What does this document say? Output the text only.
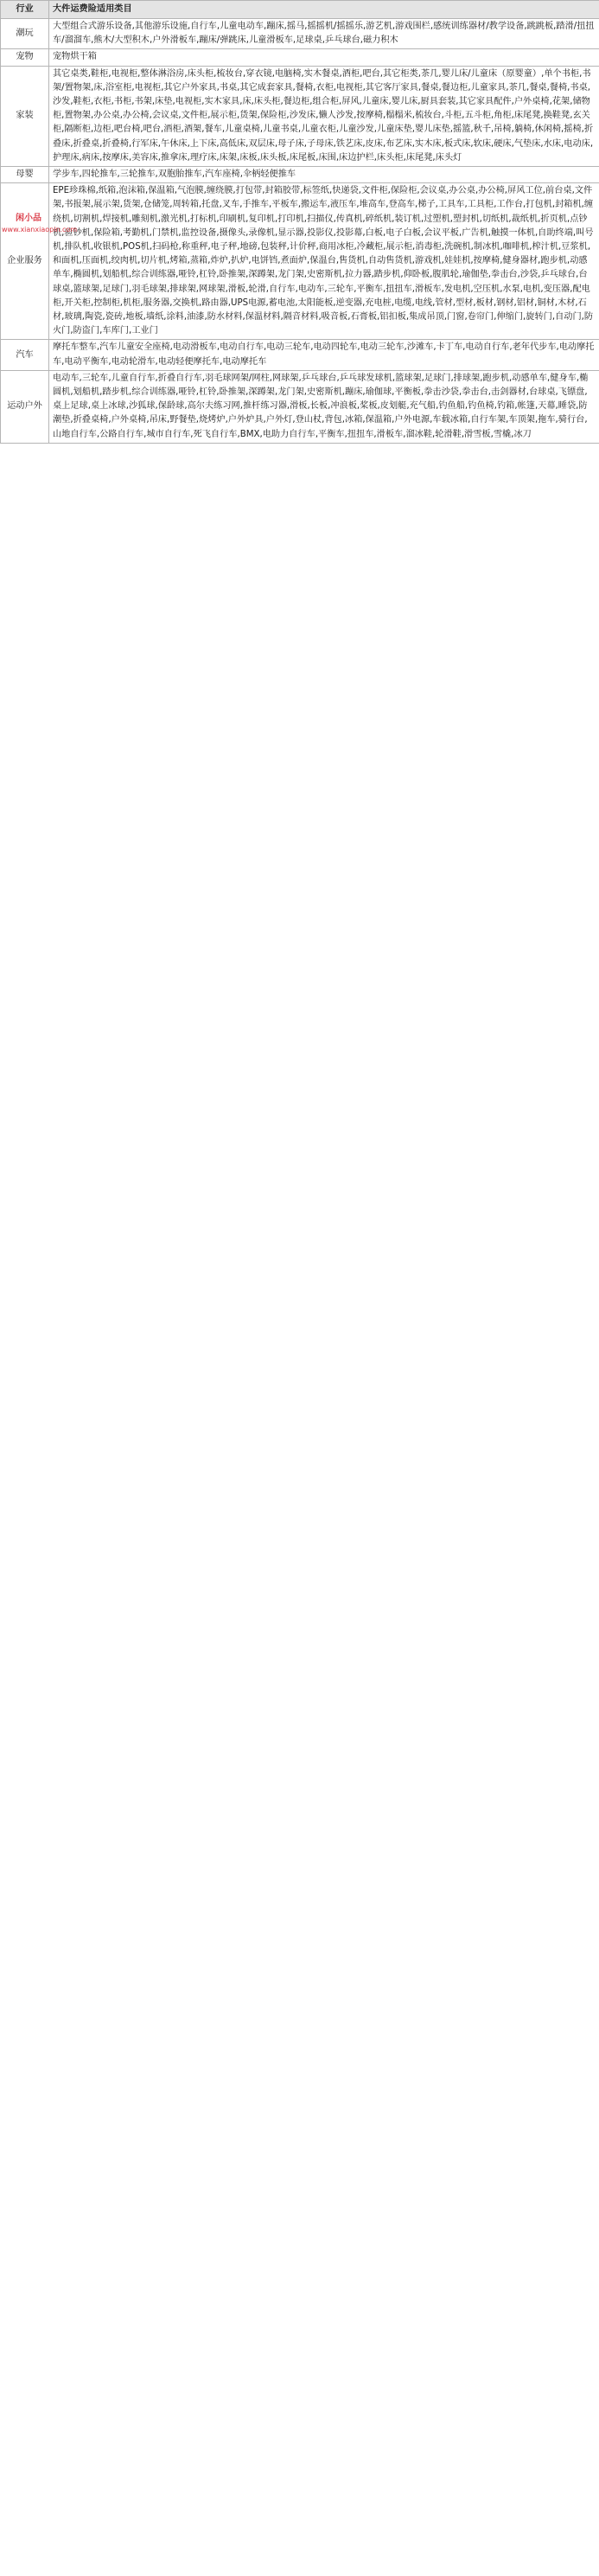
行业	大件运费险适用类目
潮玩	大型组合式游乐设备,其他游乐设施,自行车,儿童电动车,蹦床,摇马,摇摇机/摇摇乐,游艺机,游戏围栏,感统训练器材/教学设备,跳跳板,踏滑/扭扭车/溜溜车,熊木/大型积木,户外滑板车,蹦床/弹跳床,儿童滑板车,足球桌,乒乓球台,磁力积木
宠物	宠物烘干箱
家装	其它桌类,鞋柜,电视柜,整体淋浴房,床头柜,梳妆台,穿衣镜,电脑椅,实木餐桌,酒柜,吧台,其它柜类,茶几,婴儿床/儿童床（原婴童）,单个书柜,书架/置物架,床,浴室柜,电视柜,其它户外家具,书桌,其它成套家具,餐椅,衣柜,电视柜,其它客厅家具,餐桌,餐边柜,儿童家具,茶几,餐桌,餐椅,书桌,沙发,鞋柜,衣柜,书柜,书架,床垫,电视柜,实木家具,床,床头柜,餐边柜,组合柜,屏风,儿童床,婴儿床,厨具套装,其它家具配件,户外桌椅,花架,储物柜,置物架,办公桌,办公椅,会议桌,文件柜,展示柜,货架,保险柜,沙发床,懒人沙发,按摩椅,榻榻米,梳妆台,斗柜,五斗柜,角柜,床尾凳,换鞋凳,玄关柜,隔断柜,边柜,吧台椅,吧台,酒柜,酒架,餐车,儿童桌椅,儿童书桌,儿童衣柜,儿童沙发,儿童床垫,婴儿床垫,摇篮,秋千,吊椅,躺椅,休闲椅,摇椅,折叠床,折叠桌,折叠椅,行军床,午休床,上下床,高低床,双层床,母子床,子母床,铁艺床,皮床,布艺床,实木床,板式床,软床,硬床,气垫床,水床,电动床,护理床,病床,按摩床,美容床,推拿床,理疗床,床架,床板,床头板,床尾板,床围,床边护栏,床头柜,床尾凳,床头灯
母婴	学步车,四轮推车,三轮推车,双胞胎推车,汽车座椅,伞柄轻便推车
企业服务	EPE珍珠棉,纸箱,泡沫箱,保温箱,气泡膜,缠绕膜,打包带,封箱胶带,标签纸,快递袋,文件柜,保险柜,会议桌,办公桌,办公椅,屏风工位,前台桌,文件架,书报架,展示架,货架,仓储笼,周转箱,托盘,叉车,手推车,平板车,搬运车,液压车,堆高车,登高车,梯子,工具车,工具柜,工作台,打包机,封箱机,缠绕机,切割机,焊接机,雕刻机,激光机,打标机,印刷机,复印机,打印机,扫描仪,传真机,碎纸机,装订机,过塑机,塑封机,切纸机,裁纸机,折页机,点钞机,验钞机,保险箱,考勤机,门禁机,监控设备,摄像头,录像机,显示器,投影仪,投影幕,白板,电子白板,会议平板,广告机,触摸一体机,自助终端,叫号机,排队机,收银机,POS机,扫码枪,称重秤,电子秤,地磅,包装秤,计价秤,商用冰柜,冷藏柜,展示柜,消毒柜,洗碗机,制冰机,咖啡机,榨汁机,豆浆机,和面机,压面机,绞肉机,切片机,烤箱,蒸箱,炸炉,扒炉,电饼铛,煮面炉,保温台,售货机,自动售货机,游戏机,娃娃机,按摩椅,健身器材,跑步机,动感单车,椭圆机,划船机,综合训练器,哑铃,杠铃,卧推架,深蹲架,龙门架,史密斯机,拉力器,踏步机,仰卧板,腹肌轮,瑜伽垫,拳击台,沙袋,乒乓球台,台球桌,篮球架,足球门,羽毛球架,排球架,网球架,滑板,轮滑,自行车,电动车,三轮车,平衡车,扭扭车,滑板车,发电机,空压机,水泵,电机,变压器,配电柜,开关柜,控制柜,机柜,服务器,交换机,路由器,UPS电源,蓄电池,太阳能板,逆变器,充电桩,电缆,电线,管材,型材,板材,钢材,铝材,铜材,木材,石材,玻璃,陶瓷,瓷砖,地板,墙纸,涂料,油漆,防水材料,保温材料,隔音材料,吸音板,石膏板,铝扣板,集成吊顶,门窗,卷帘门,伸缩门,旋转门,自动门,防火门,防盗门,车库门,工业门
汽车	摩托车整车,汽车儿童安全座椅,电动滑板车,电动自行车,电动三轮车,电动四轮车,电动三轮车,沙滩车,卡丁车,电动自行车,老年代步车,电动摩托车,电动平衡车,电动轮滑车,电动轻便摩托车,电动摩托车
运动户外	电动车,三轮车,儿童自行车,折叠自行车,羽毛球网架/网柱,网球架,乒乓球台,乒乓球发球机,篮球架,足球门,排球架,跑步机,动感单车,健身车,椭圆机,划船机,踏步机,综合训练器,哑铃,杠铃,卧推架,深蹲架,龙门架,史密斯机,蹦床,瑜伽球,平衡板,拳击沙袋,拳击台,击剑器材,台球桌,飞镖盘,桌上足球,桌上冰球,沙狐球,保龄球,高尔夫练习网,推杆练习器,滑板,长板,冲浪板,桨板,皮划艇,充气船,钓鱼船,钓鱼椅,钓箱,帐篷,天幕,睡袋,防潮垫,折叠桌椅,户外桌椅,吊床,野餐垫,烧烤炉,户外炉具,户外灯,登山杖,背包,冰箱,保温箱,户外电源,车载冰箱,自行车架,车顶架,拖车,骑行台,山地自行车,公路自行车,城市自行车,死飞自行车,BMX,电助力自行车,平衡车,扭扭车,滑板车,溜冰鞋,轮滑鞋,滑雪板,雪橇,冰刀
闲小品
www.xianxiaopin.com
